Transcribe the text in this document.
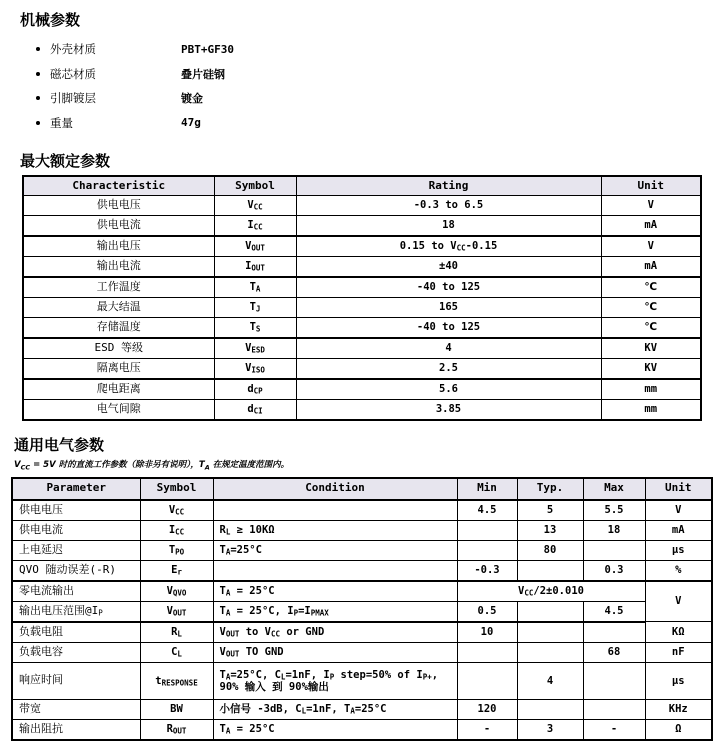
机械参数
外壳材质	PBT+GF30
磁芯材质	叠片硅钢
引脚镀层	镀金
重量	47g
最大额定参数
Characteristic	Symbol	Rating	Unit
供电电压	$V_{CC}$	-0.3 to 6.5	V
供电电流	$I_{CC}$	18	mA
输出电压	$V_{OUT}$	0.15 to $V_{CC}-0.15$	V
输出电流	$I_{OUT}$	±40	mA
工作温度	$T_A$	-40 to 125	℃
最大结温	$T_J$	165	℃
存储温度	$T_S$	-40 to 125	℃
ESD 等级	$V_{ESD}$	4	KV
隔离电压	$V_{ISO}$	2.5	KV
爬电距离	$d_{CP}$	5.6	mm
电气间隙	$d_{CI}$	3.85	mm
通用电气参数
$V_{CC} = 5V$ 时的直流工作参数（除非另有说明），$T_A$ 在规定温度范围内。
Parameter	Symbol	Condition	Min	Typ.	Max	Unit
供电电压	$V_{CC}$		4.5	5	5.5	V
供电电流	$I_{CC}$	$R_L \ge 10K\Omega$		13	18	mA
上电延迟	$T_{PO}$	$T_A=25^\circ C$		80		μs
QVO 随动误差(-R)	$E_r$		-0.3		0.3	%
零电流输出	$V_{QVO}$	$T_A = 25^\circ C$	$V_{CC}/2\pm 0.010$			V
输出电压范围$@I_P$	$V_{OUT}$	$T_A = 25^\circ C$, $I_P=I_{PMAX}$	0.5		4.5	
负载电阻	$R_L$	$V_{OUT}$ to $V_{CC}$ or GND	10			KΩ
负载电容	$C_L$	$V_{OUT}$ TO GND			68	nF
响应时间	$t_{RESPONSE}$	$T_A=25^\circ C$, $C_L=1nF$, $I_P$ step=50% of $I_{P+}$,
90% 输入 到 90%输出		4		μs
带宽	BW	小信号 -3dB, $C_L=1nF$, $T_A=25^\circ C$	120			KHz
输出阻抗	$R_{OUT}$	$T_A = 25^\circ C$	-	3	-	Ω
